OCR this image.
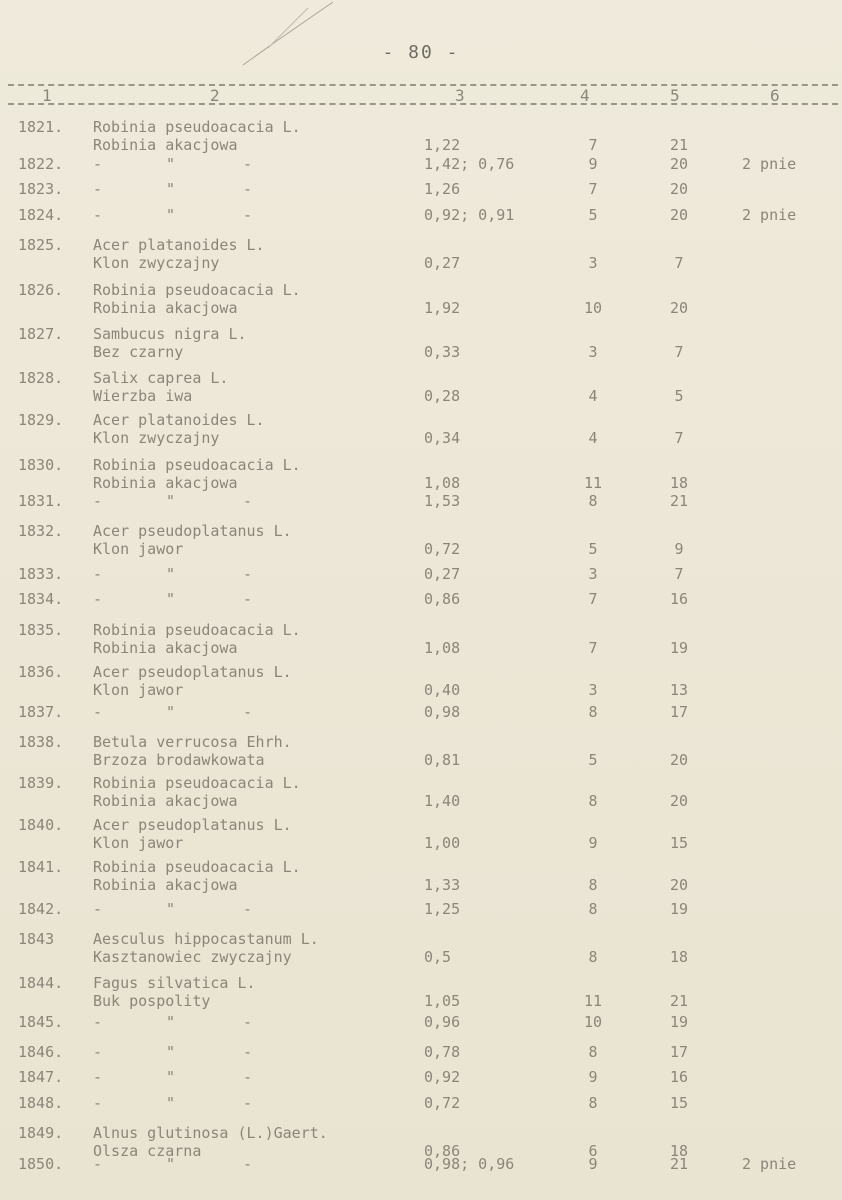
- 80 -
1	2	3	4	5	6
1821.	Robinia pseudoacacia L.
Robinia akacjowa	1,22	7	21
1822.	-	"	-	1,42; 0,76	9	20	2 pnie
1823.	-	"	-	1,26	7	20
1824.	-	"	-	0,92; 0,91	5	20	2 pnie
1825.	Acer platanoides L.
Klon zwyczajny	0,27	3	7
1826.	Robinia pseudoacacia L.
Robinia akacjowa	1,92	10	20
1827.	Sambucus nigra L.
Bez czarny	0,33	3	7
1828.	Salix caprea L.
Wierzba iwa	0,28	4	5
1829.	Acer platanoides L.
Klon zwyczajny	0,34	4	7
1830.	Robinia pseudoacacia L.
Robinia akacjowa	1,08	11	18
1831.	-	"	-	1,53	8	21
1832.	Acer pseudoplatanus L.
Klon jawor	0,72	5	9
1833.	-	"	-	0,27	3	7
1834.	-	"	-	0,86	7	16
1835.	Robinia pseudoacacia L.
Robinia akacjowa	1,08	7	19
1836.	Acer pseudoplatanus L.
Klon jawor	0,40	3	13
1837.	-	"	-	0,98	8	17
1838.	Betula verrucosa Ehrh.
Brzoza brodawkowata	0,81	5	20
1839.	Robinia pseudoacacia L.
Robinia akacjowa	1,40	8	20
1840.	Acer pseudoplatanus L.
Klon jawor	1,00	9	15
1841.	Robinia pseudoacacia L.
Robinia akacjowa	1,33	8	20
1842.	-	"	-	1,25	8	19
1843	Aesculus hippocastanum L.
Kasztanowiec zwyczajny	0,5	8	18
1844.	Fagus silvatica L.
Buk pospolity	1,05	11	21
1845.	-	"	-	0,96	10	19
1846.	-	"	-	0,78	8	17
1847.	-	"	-	0,92	9	16
1848.	-	"	-	0,72	8	15
1849.	Alnus glutinosa (L.)Gaert.
Olsza czarna	0,86	6	18
1850.	-	"	-	0,98; 0,96	9	21	2 pnie
